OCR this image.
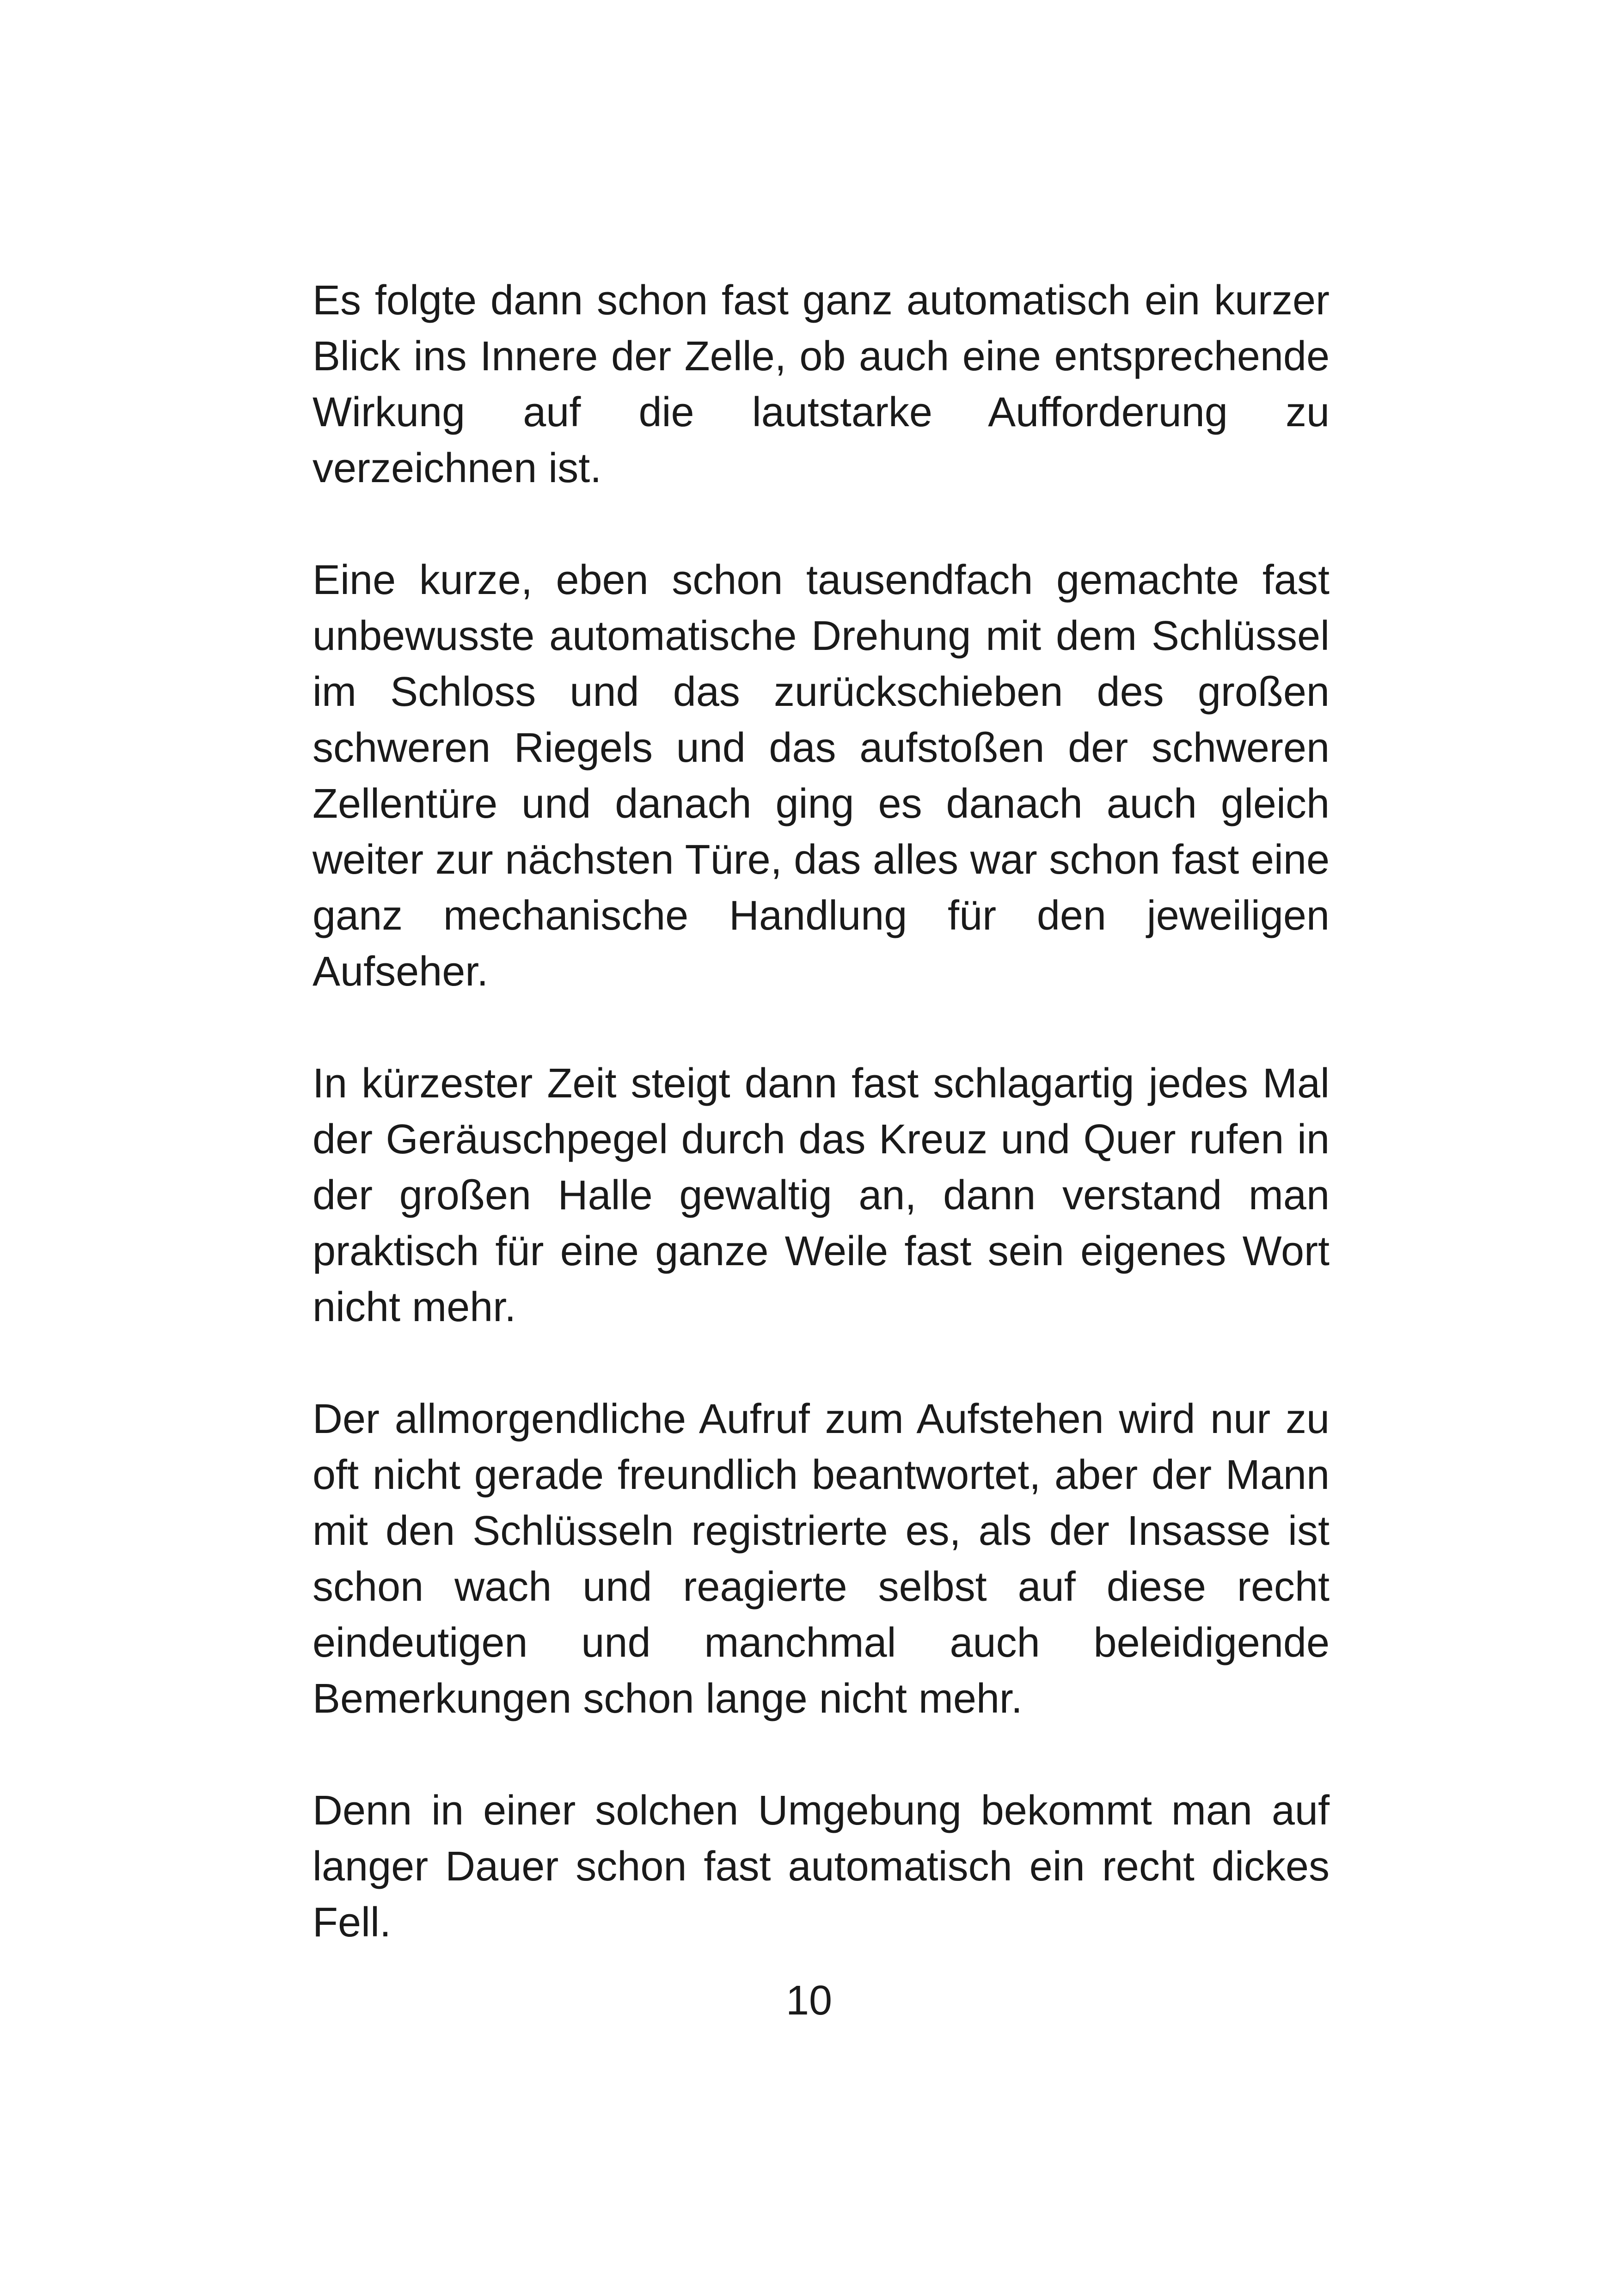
Es folgte dann schon fast ganz automatisch ein kurzer Blick ins Innere der Zelle, ob auch eine entsprechende Wirkung auf die lautstarke Aufforderung zu verzeichnen ist.

Eine kurze, eben schon tausendfach gemachte fast unbewusste automatische Drehung mit dem Schlüssel im Schloss und das zurückschieben des großen schweren Riegels und das aufstoßen der schweren Zellentüre und danach ging es danach auch gleich weiter zur nächsten Türe, das alles war schon fast eine ganz mechanische Handlung für den jeweiligen Aufseher.

In kürzester Zeit steigt dann fast schlagartig jedes Mal der Geräuschpegel durch das Kreuz und Quer rufen in der großen Halle gewaltig an, dann verstand man praktisch für eine ganze Weile fast sein eigenes Wort nicht mehr.

Der allmorgendliche Aufruf zum Aufstehen wird nur zu oft nicht gerade freundlich beantwortet, aber der Mann mit den Schlüsseln registrierte es, als der Insasse ist schon wach und reagierte selbst auf diese recht eindeutigen und manchmal auch beleidigende Bemerkungen schon lange nicht mehr.

Denn in einer solchen Umgebung bekommt man auf langer Dauer schon fast automatisch ein recht dickes Fell.

10
